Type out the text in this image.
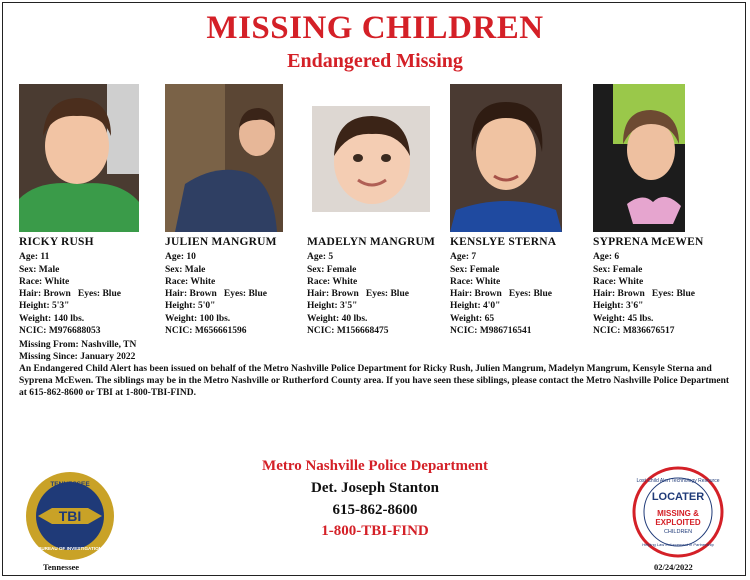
MISSING CHILDREN
Endangered Missing
RICKY RUSH
Age: 11
Sex: Male
Race: White
Hair: Brown   Eyes: Blue
Height: 5'3"
Weight: 140 lbs.
NCIC: M976688053
JULIEN MANGRUM
Age: 10
Sex: Male
Race: White
Hair: Brown   Eyes: Blue
Height: 5'0"
Weight: 100 lbs.
NCIC: M656661596
MADELYN MANGRUM
Age: 5
Sex: Female
Race: White
Hair: Brown   Eyes: Blue
Height: 3'5"
Weight: 40 lbs.
NCIC: M156668475
KENSLYE STERNA
Age: 7
Sex: Female
Race: White
Hair: Brown   Eyes: Blue
Height: 4'0"
Weight: 65
NCIC: M986716541
SYPRENA McEWEN
Age: 6
Sex: Female
Race: White
Hair: Brown   Eyes: Blue
Height: 3'6"
Weight: 45 lbs.
NCIC: M836676517
Missing From: Nashville, TN
Missing Since: January 2022
An Endangered Child Alert has been issued on behalf of the Metro Nashville Police Department for Ricky Rush, Julien Mangrum, Madelyn Mangrum, Kensyle Sterna and Syprena McEwen. The siblings may be in the Metro Nashville or Rutherford County area. If you have seen these siblings, please contact the Metro Nashville Police Department at 615-862-8600 or TBI at 1-800-TBI-FIND.
Metro Nashville Police Department
Det. Joseph Stanton
615-862-8600
1-800-TBI-FIND
TBI
TENNESSEE
BUREAU OF INVESTIGATION
Tennessee
Lost Child Alert Technology Resource
LOCATER
MISSING &
EXPLOITED
CHILDREN
Helping Law Enforcement in Partnership
02/24/2022
